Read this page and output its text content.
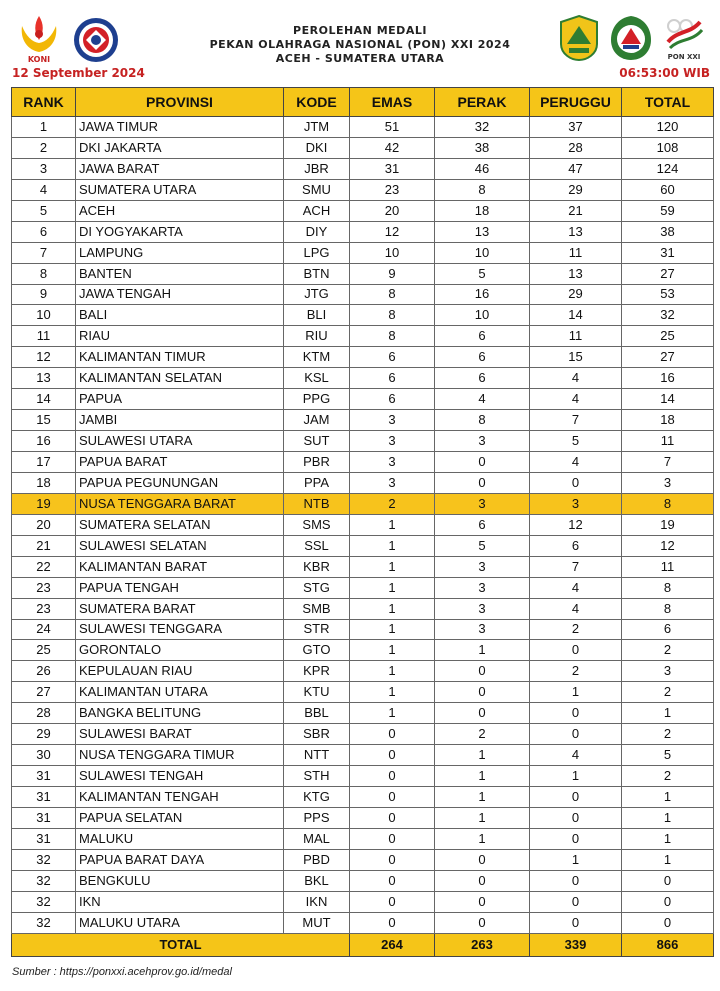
KONI
PEROLEHAN MEDALI
PEKAN OLAHRAGA NASIONAL (PON) XXI 2024
ACEH - SUMATERA UTARA	PON XXI
12 September 2024	06:53:00 WIB
RANK	PROVINSI	KODE	EMAS	PERAK	PERUGGU	TOTAL
1	JAWA TIMUR	JTM	51	32	37	120
2	DKI JAKARTA	DKI	42	38	28	108
3	JAWA BARAT	JBR	31	46	47	124
4	SUMATERA UTARA	SMU	23	8	29	60
5	ACEH	ACH	20	18	21	59
6	DI YOGYAKARTA	DIY	12	13	13	38
7	LAMPUNG	LPG	10	10	11	31
8	BANTEN	BTN	9	5	13	27
9	JAWA TENGAH	JTG	8	16	29	53
10	BALI	BLI	8	10	14	32
11	RIAU	RIU	8	6	11	25
12	KALIMANTAN TIMUR	KTM	6	6	15	27
13	KALIMANTAN SELATAN	KSL	6	6	4	16
14	PAPUA	PPG	6	4	4	14
15	JAMBI	JAM	3	8	7	18
16	SULAWESI UTARA	SUT	3	3	5	11
17	PAPUA BARAT	PBR	3	0	4	7
18	PAPUA PEGUNUNGAN	PPA	3	0	0	3
19	NUSA TENGGARA BARAT	NTB	2	3	3	8
20	SUMATERA SELATAN	SMS	1	6	12	19
21	SULAWESI SELATAN	SSL	1	5	6	12
22	KALIMANTAN BARAT	KBR	1	3	7	11
23	PAPUA TENGAH	STG	1	3	4	8
23	SUMATERA BARAT	SMB	1	3	4	8
24	SULAWESI TENGGARA	STR	1	3	2	6
25	GORONTALO	GTO	1	1	0	2
26	KEPULAUAN RIAU	KPR	1	0	2	3
27	KALIMANTAN UTARA	KTU	1	0	1	2
28	BANGKA BELITUNG	BBL	1	0	0	1
29	SULAWESI BARAT	SBR	0	2	0	2
30	NUSA TENGGARA TIMUR	NTT	0	1	4	5
31	SULAWESI TENGAH	STH	0	1	1	2
31	KALIMANTAN TENGAH	KTG	0	1	0	1
31	PAPUA SELATAN	PPS	0	1	0	1
31	MALUKU	MAL	0	1	0	1
32	PAPUA BARAT DAYA	PBD	0	0	1	1
32	BENGKULU	BKL	0	0	0	0
32	IKN	IKN	0	0	0	0
32	MALUKU UTARA	MUT	0	0	0	0
TOTAL			264	263	339	866
Sumber : https://ponxxi.acehprov.go.id/medal
